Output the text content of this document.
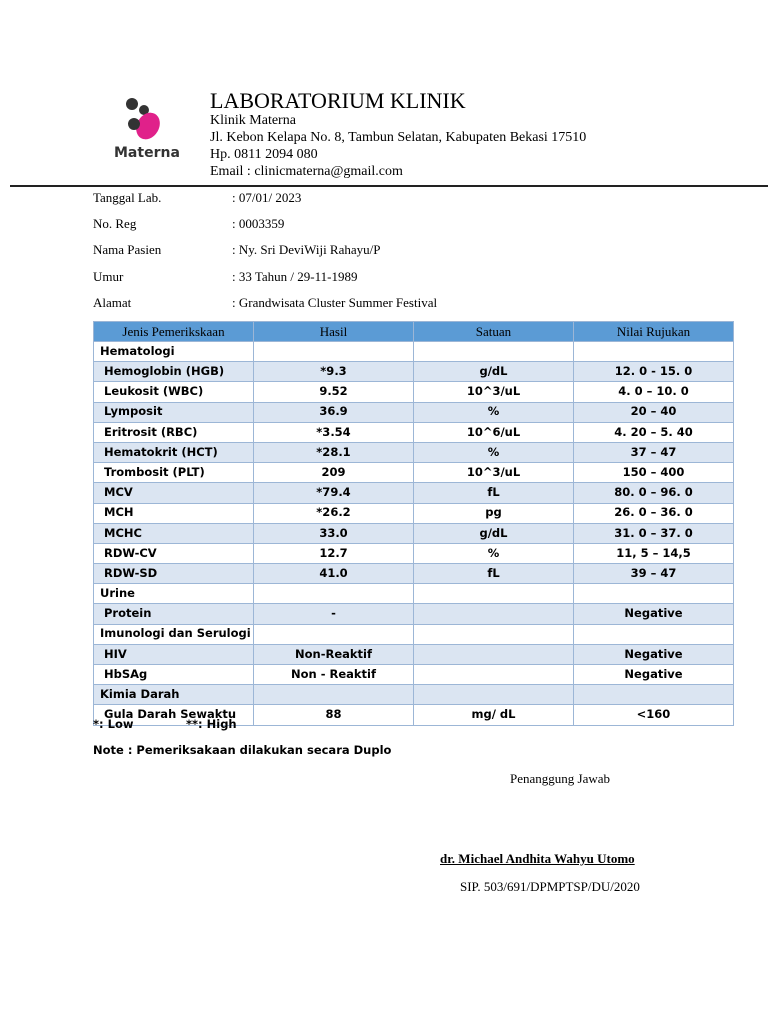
Materna
LABORATORIUM KLINIK
Klinik Materna
Jl. Kebon Kelapa No. 8, Tambun Selatan, Kabupaten Bekasi 17510
Hp. 0811 2094 080
Email : clinicmaterna@gmail.com
Tanggal Lab.	: 07/01/ 2023
No. Reg	: 0003359
Nama Pasien	: Ny. Sri DeviWiji Rahayu/P
Umur	: 33 Tahun / 29-11-1989
Alamat	: Grandwisata Cluster Summer Festival
Jenis Pemerikskaan	Hasil	Satuan	Nilai Rujukan
Hematologi			
Hemoglobin (HGB)	*9.3	g/dL	12. 0 - 15. 0
Leukosit (WBC)	9.52	10^3/uL	4. 0 – 10. 0
Lymposit	36.9	%	20 – 40
Eritrosit (RBC)	*3.54	10^6/uL	4. 20 – 5. 40
Hematokrit (HCT)	*28.1	%	37 – 47
Trombosit (PLT)	209	10^3/uL	150 – 400
MCV	*79.4	fL	80. 0 – 96. 0
MCH	*26.2	pg	26. 0 – 36. 0
MCHC	33.0	g/dL	31. 0 – 37. 0
RDW-CV	12.7	%	11, 5 – 14,5
RDW-SD	41.0	fL	39 – 47
Urine			
Protein	-		Negative
Imunologi dan Serulogi			
HIV	Non-Reaktif		Negative
HbSAg	Non - Reaktif		Negative
Kimia Darah			
Gula Darah Sewaktu	88	mg/ dL	<160
*: Low	**: High
Note : Pemeriksakaan dilakukan secara Duplo
Penanggung Jawab
dr. Michael Andhita Wahyu Utomo
SIP. 503/691/DPMPTSP/DU/2020
